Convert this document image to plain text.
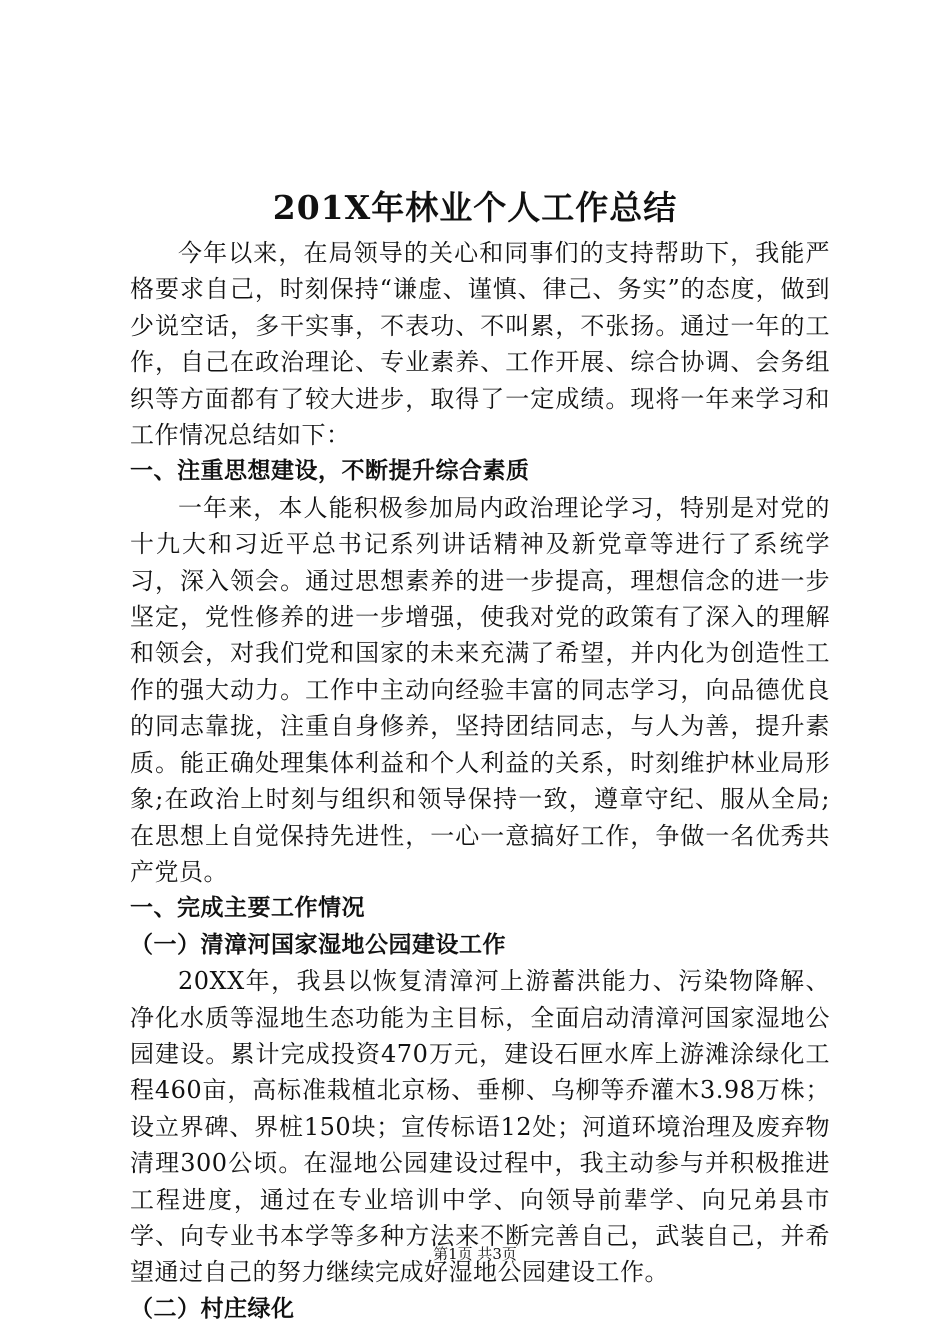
201X年林业个人工作总结

今年以来，在局领导的关心和同事们的支持帮助下，我能严格要求自己，时刻保持“谦虚、谨慎、律己、务实”的态度，做到少说空话，多干实事，不表功、不叫累，不张扬。通过一年的工作，自己在政治理论、专业素养、工作开展、综合协调、会务组织等方面都有了较大进步，取得了一定成绩。现将一年来学习和工作情况总结如下：

一、注重思想建设，不断提升综合素质

一年来，本人能积极参加局内政治理论学习，特别是对党的十九大和习近平总书记系列讲话精神及新党章等进行了系统学习，深入领会。通过思想素养的进一步提高，理想信念的进一步坚定，党性修养的进一步增强，使我对党的政策有了深入的理解和领会，对我们党和国家的未来充满了希望，并内化为创造性工作的强大动力。工作中主动向经验丰富的同志学习，向品德优良的同志靠拢，注重自身修养，坚持团结同志，与人为善，提升素质。能正确处理集体利益和个人利益的关系，时刻维护林业局形象;在政治上时刻与组织和领导保持一致，遵章守纪、服从全局;在思想上自觉保持先进性，一心一意搞好工作，争做一名优秀共产党员。

一、完成主要工作情况

（一）清漳河国家湿地公园建设工作

20XX年，我县以恢复清漳河上游蓄洪能力、污染物降解、净化水质等湿地生态功能为主目标，全面启动清漳河国家湿地公园建设。累计完成投资470万元，建设石匣水库上游滩涂绿化工程460亩，高标准栽植北京杨、垂柳、乌柳等乔灌木3.98万株；设立界碑、界桩150块；宣传标语12处；河道环境治理及废弃物清理300公顷。在湿地公园建设过程中，我主动参与并积极推进工程进度，通过在专业培训中学、向领导前辈学、向兄弟县市学、向专业书本学等多种方法来不断完善自己，武装自己，并希望通过自己的努力继续完成好湿地公园建设工作。

（二）村庄绿化

第1页 共3页
